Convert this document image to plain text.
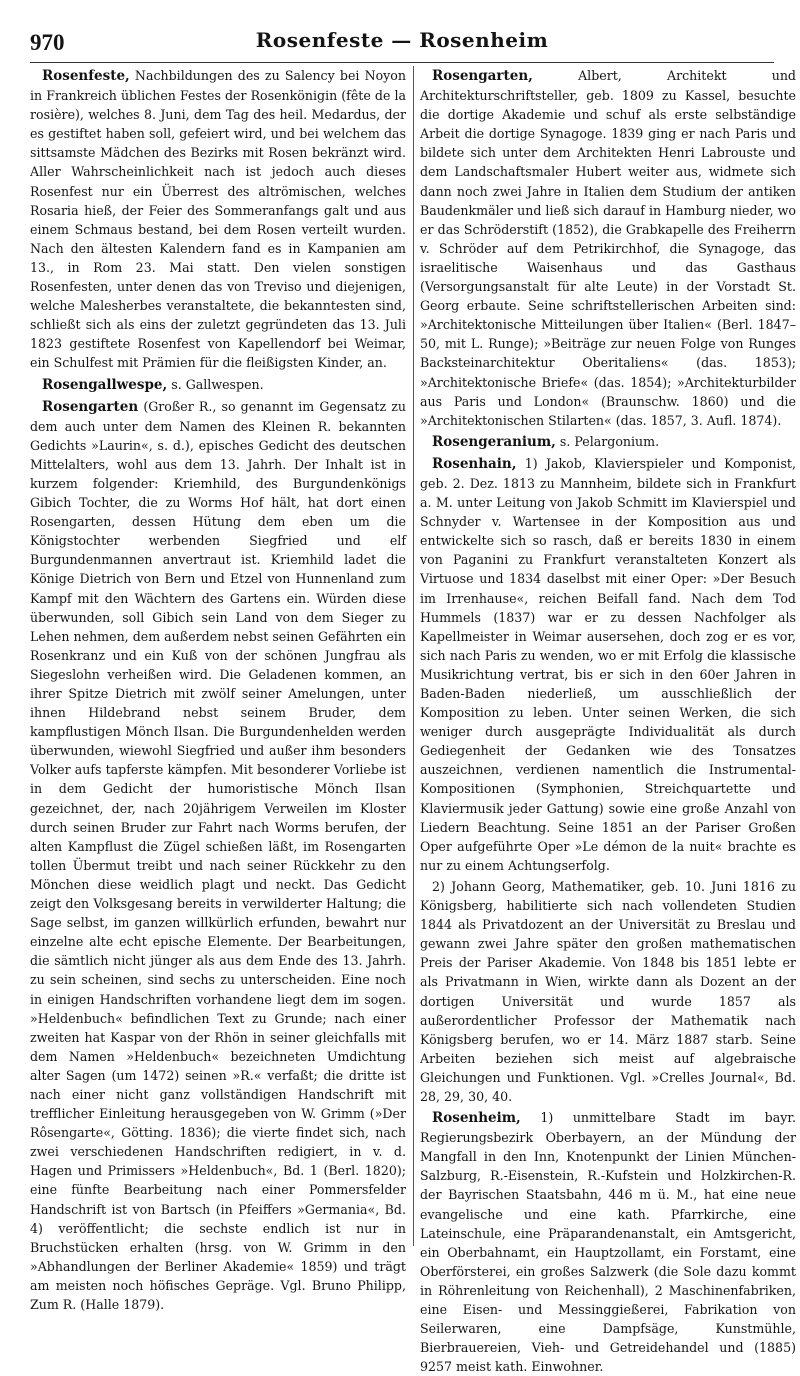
970	Rosenfeste — Rosenheim

Rosenfeste, Nachbildungen des zu Salency bei Noyon in Frankreich üblichen Festes der Rosenkönigin (fête de la rosière), welches 8. Juni, dem Tag des heil. Medardus, der es gestiftet haben soll, gefeiert wird, und bei welchem das sittsamste Mädchen des Bezirks mit Rosen bekränzt wird. Aller Wahrscheinlichkeit nach ist jedoch auch dieses Rosenfest nur ein Überrest des altrömischen, welches Rosaria hieß, der Feier des Sommeranfangs galt und aus einem Schmaus bestand, bei dem Rosen verteilt wurden. Nach den ältesten Kalendern fand es in Kampanien am 13., in Rom 23. Mai statt. Den vielen sonstigen Rosenfesten, unter denen das von Treviso und diejenigen, welche Malesherbes veranstaltete, die bekanntesten sind, schließt sich als eins der zuletzt gegründeten das 13. Juli 1823 gestiftete Rosenfest von Kapellendorf bei Weimar, ein Schulfest mit Prämien für die fleißigsten Kinder, an.

Rosengallwespe, s. Gallwespen.

Rosengarten (Großer R., so genannt im Gegensatz zu dem auch unter dem Namen des Kleinen R. bekannten Gedichts »Laurin«, s. d.), episches Gedicht des deutschen Mittelalters, wohl aus dem 13. Jahrh. Der Inhalt ist in kurzem folgender: Kriemhild, des Burgundenkönigs Gibich Tochter, die zu Worms Hof hält, hat dort einen Rosengarten, dessen Hütung dem eben um die Königstochter werbenden Siegfried und elf Burgundenmannen anvertraut ist. Kriemhild ladet die Könige Dietrich von Bern und Etzel von Hunnenland zum Kampf mit den Wächtern des Gartens ein. Würden diese überwunden, soll Gibich sein Land von dem Sieger zu Lehen nehmen, dem außerdem nebst seinen Gefährten ein Rosenkranz und ein Kuß von der schönen Jungfrau als Siegeslohn verheißen wird. Die Geladenen kommen, an ihrer Spitze Dietrich mit zwölf seiner Amelungen, unter ihnen Hildebrand nebst seinem Bruder, dem kampflustigen Mönch Ilsan. Die Burgundenhelden werden überwunden, wiewohl Siegfried und außer ihm besonders Volker aufs tapferste kämpfen. Mit besonderer Vorliebe ist in dem Gedicht der humoristische Mönch Ilsan gezeichnet, der, nach 20jährigem Verweilen im Kloster durch seinen Bruder zur Fahrt nach Worms berufen, der alten Kampflust die Zügel schießen läßt, im Rosengarten tollen Übermut treibt und nach seiner Rückkehr zu den Mönchen diese weidlich plagt und neckt. Das Gedicht zeigt den Volksgesang bereits in verwilderter Haltung; die Sage selbst, im ganzen willkürlich erfunden, bewahrt nur einzelne alte echt epische Elemente. Der Bearbeitungen, die sämtlich nicht jünger als aus dem Ende des 13. Jahrh. zu sein scheinen, sind sechs zu unterscheiden. Eine noch in einigen Handschriften vorhandene liegt dem im sogen. »Heldenbuch« befindlichen Text zu Grunde; nach einer zweiten hat Kaspar von der Rhön in seiner gleichfalls mit dem Namen »Heldenbuch« bezeichneten Umdichtung alter Sagen (um 1472) seinen »R.« verfaßt; die dritte ist nach einer nicht ganz vollständigen Handschrift mit trefflicher Einleitung herausgegeben von W. Grimm (»Der Rôsengarte«, Götting. 1836); die vierte findet sich, nach zwei verschiedenen Handschriften redigiert, in v. d. Hagen und Primissers »Heldenbuch«, Bd. 1 (Berl. 1820); eine fünfte Bearbeitung nach einer Pommersfelder Handschrift ist von Bartsch (in Pfeiffers »Germania«, Bd. 4) veröffentlicht; die sechste endlich ist nur in Bruchstücken erhalten (hrsg. von W. Grimm in den »Abhandlungen der Berliner Akademie« 1859) und trägt am meisten noch höfisches Gepräge. Vgl. Bruno Philipp, Zum R. (Halle 1879).

Rosengarten,	Albert, Architekt und Architekturschriftsteller, geb. 1809 zu Kassel, besuchte die dortige Akademie und schuf als erste selbständige Arbeit die dortige Synagoge. 1839 ging er nach Paris und bildete sich unter dem Architekten Henri Labrouste und dem Landschaftsmaler Hubert weiter aus, widmete sich dann noch zwei Jahre in Italien dem Studium der antiken Baudenkmäler und ließ sich darauf in Hamburg nieder, wo er das Schröderstift (1852), die Grabkapelle des Freiherrn v. Schröder auf dem Petrikirchhof, die Synagoge, das israelitische Waisenhaus und das Gasthaus (Versorgungsanstalt für alte Leute) in der Vorstadt St. Georg erbaute. Seine schriftstellerischen Arbeiten sind: »Architektonische Mitteilungen über Italien« (Berl. 1847–50, mit L. Runge); »Beiträge zur neuen Folge von Runges Backsteinarchitektur Oberitaliens« (das. 1853); »Architektonische Briefe« (das. 1854); »Architekturbilder aus Paris und London« (Braunschw. 1860) und die »Architektonischen Stilarten« (das. 1857, 3. Aufl. 1874).

Rosengeranium, s. Pelargonium.

Rosenhain, 1) Jakob, Klavierspieler und Komponist, geb. 2. Dez. 1813 zu Mannheim, bildete sich in Frankfurt a. M. unter Leitung von Jakob Schmitt im Klavierspiel und Schnyder v. Wartensee in der Komposition aus und entwickelte sich so rasch, daß er bereits 1830 in einem von Paganini zu Frankfurt veranstalteten Konzert als Virtuose und 1834 daselbst mit einer Oper: »Der Besuch im Irrenhause«, reichen Beifall fand. Nach dem Tod Hummels (1837) war er zu dessen Nachfolger als Kapellmeister in Weimar ausersehen, doch zog er es vor, sich nach Paris zu wenden, wo er mit Erfolg die klassische Musikrichtung vertrat, bis er sich in den 60er Jahren in Baden-Baden niederließ, um ausschließlich der Komposition zu leben. Unter seinen Werken, die sich weniger durch ausgeprägte Individualität als durch Gediegenheit der Gedanken wie des Tonsatzes auszeichnen, verdienen namentlich die Instrumental-Kompositionen (Symphonien, Streichquartette und Klaviermusik jeder Gattung) sowie eine große Anzahl von Liedern Beachtung. Seine 1851 an der Pariser Großen Oper aufgeführte Oper »Le démon de la nuit« brachte es nur zu einem Achtungserfolg.

2) Johann Georg, Mathematiker, geb. 10. Juni 1816 zu Königsberg, habilitierte sich nach vollendeten Studien 1844 als Privatdozent an der Universität zu Breslau und gewann zwei Jahre später den großen mathematischen Preis der Pariser Akademie. Von 1848 bis 1851 lebte er als Privatmann in Wien, wirkte dann als Dozent an der dortigen Universität und wurde 1857 als außerordentlicher Professor der Mathematik nach Königsberg berufen, wo er 14. März 1887 starb. Seine Arbeiten beziehen sich meist auf algebraische Gleichungen und Funktionen. Vgl. »Crelles Journal«, Bd. 28, 29, 30, 40.

Rosenheim, 1) unmittelbare Stadt im bayr. Regierungsbezirk Oberbayern, an der Mündung der Mangfall in den Inn, Knotenpunkt der Linien München-Salzburg, R.-Eisenstein, R.-Kufstein und Holzkirchen-R. der Bayrischen Staatsbahn, 446 m ü. M., hat eine neue evangelische und eine kath. Pfarrkirche, eine Lateinschule, eine Präparandenanstalt, ein Amtsgericht, ein Oberbahnamt, ein Hauptzollamt, ein Forstamt, eine Oberförsterei, ein großes Salzwerk (die Sole dazu kommt in Röhrenleitung von Reichenhall), 2 Maschinenfabriken, eine Eisen- und Messinggießerei, Fabrikation von Seilerwaren, eine Dampfsäge, Kunstmühle, Bierbrauereien, Vieh- und Getreidehandel und (1885) 9257 meist kath. Einwohner.
